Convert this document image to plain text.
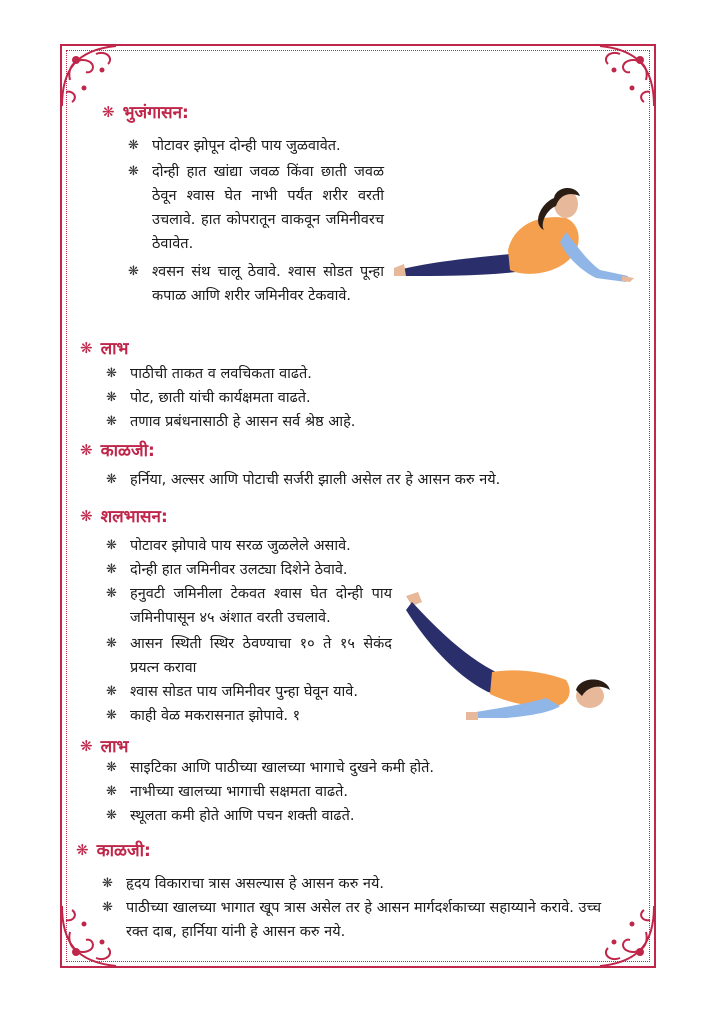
❋ भुजंगासन:
❋ पोटावर झोपून दोन्ही पाय जुळवावेत.
❋ दोन्ही हात खांद्या जवळ किंवा छाती जवळ ठेवून श्वास घेत नाभी पर्यंत शरीर वरती उचलावे. हात कोपरातून वाकवून जमिनीवरच ठेवावेत.
❋ श्वसन संथ चालू ठेवावे. श्वास सोडत पून्हा कपाळ आणि शरीर जमिनीवर टेकवावे.
❋ लाभ
❋ पाठीची ताकत व लवचिकता वाढते.
❋ पोट, छाती यांची कार्यक्षमता वाढते.
❋ तणाव प्रबंधनासाठी हे आसन सर्व श्रेष्ठ आहे.
❋ काळजी:
❋ हर्निया, अल्सर आणि पोटाची सर्जरी झाली असेल तर हे आसन करु नये.
❋ शलभासन:
❋ पोटावर झोपावे पाय सरळ जुळलेले असावे.
❋ दोन्ही हात जमिनीवर उलट्या दिशेने ठेवावे.
❋ हनुवटी जमिनीला टेकवत श्वास घेत दोन्ही पाय जमिनीपासून ४५ अंशात वरती उचलावे.
❋ आसन स्थिती स्थिर ठेवण्याचा १० ते १५ सेकंद प्रयत्न करावा
❋ श्वास सोडत पाय जमिनीवर पुन्हा घेवून यावे.
❋ काही वेळ मकरासनात झोपावे. १
❋ लाभ
❋ साइटिका आणि पाठीच्या खालच्या भागाचे दुखने कमी होते.
❋ नाभीच्या खालच्या भागाची सक्षमता वाढते.
❋ स्थूलता कमी होते आणि पचन शक्ती वाढते.
❋ काळजी:
❋ हृदय विकाराचा त्रास असल्यास हे आसन करु नये.
❋ पाठीच्या खालच्या भागात खूप त्रास असेल तर हे आसन मार्गदर्शकाच्या सहाय्याने करावे. उच्च रक्त दाब, हार्निया यांनी हे आसन करु नये.
